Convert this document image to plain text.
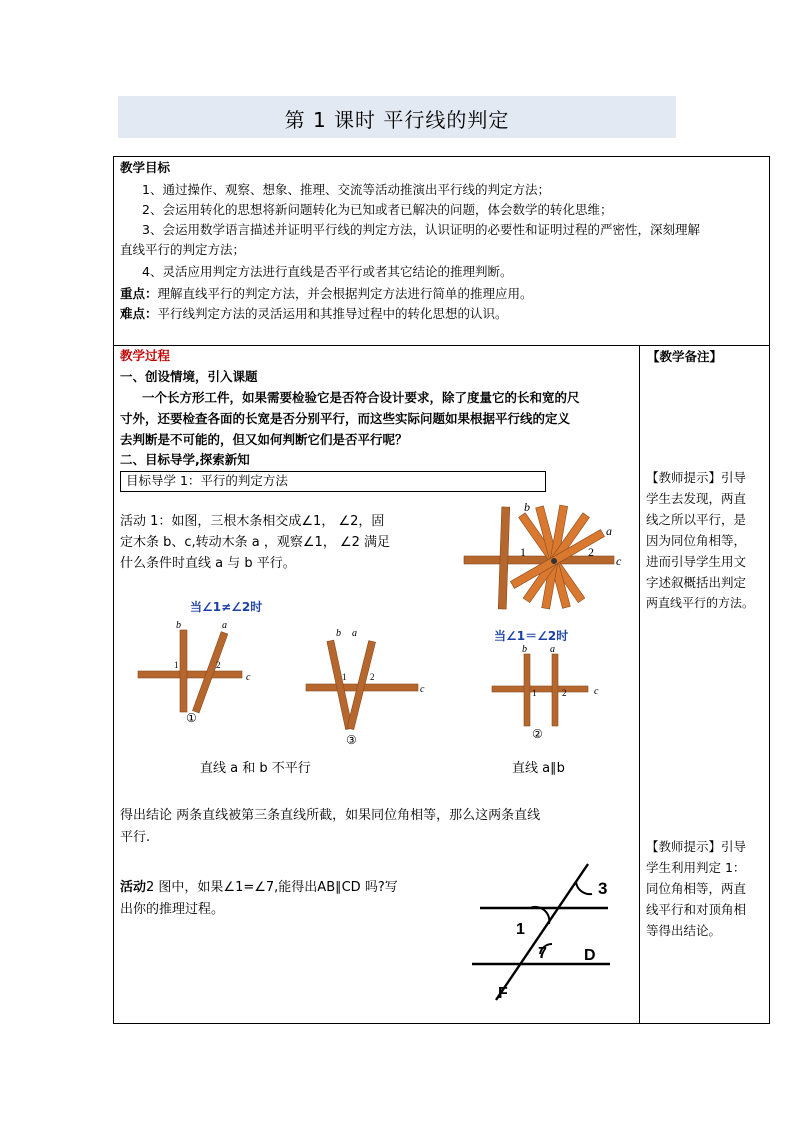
第 1 课时 平行线的判定
教学目标
1、通过操作、观察、想象、推理、交流等活动推演出平行线的判定方法；
2、会运用转化的思想将新问题转化为已知或者已解决的问题，体会数学的转化思维；
3、会运用数学语言描述并证明平行线的判定方法，认识证明的必要性和证明过程的严密性，深刻理解
直线平行的判定方法；
4、灵活应用判定方法进行直线是否平行或者其它结论的推理判断。
重点：理解直线平行的判定方法，并会根据判定方法进行简单的推理应用。
难点：平行线判定方法的灵活运用和其推导过程中的转化思想的认识。
教学过程
一、创设情境，引入课题
一个长方形工件，如果需要检验它是否符合设计要求，除了度量它的长和宽的尺
寸外，还要检查各面的长宽是否分别平行，而这些实际问题如果根据平行线的定义
去判断是不可能的，但又如何判断它们是否平行呢？
二、目标导学,探索新知
目标导学 1：平行的判定方法
活动 1：如图，三根木条相交成∠1， ∠2，固
定木条 b、c,转动木条 a ，观察∠1， ∠2 满足
什么条件时直线 a 与 b 平行。
b
1	2
a
c
当∠1≠∠2时
当∠1＝∠2时
b	a
1	2
c
①
b a
1	2
c
③
b a
1	2	c
②
直线 a 和 b 不平行	直线 a∥b
得出结论 两条直线被第三条直线所截，如果同位角相等，那么这两条直线
平行.
活动2 图中，如果∠1=∠7,能得出AB∥CD 吗?写
出你的推理过程。
3
1
7 D
F
【教学备注】
【教师提示】引导
学生去发现，两直
线之所以平行，是
因为同位角相等，
进而引导学生用文
字述叙概括出判定
两直线平行的方法。
【教师提示】引导
学生利用判定 1：
同位角相等，两直
线平行和对顶角相
等得出结论。
